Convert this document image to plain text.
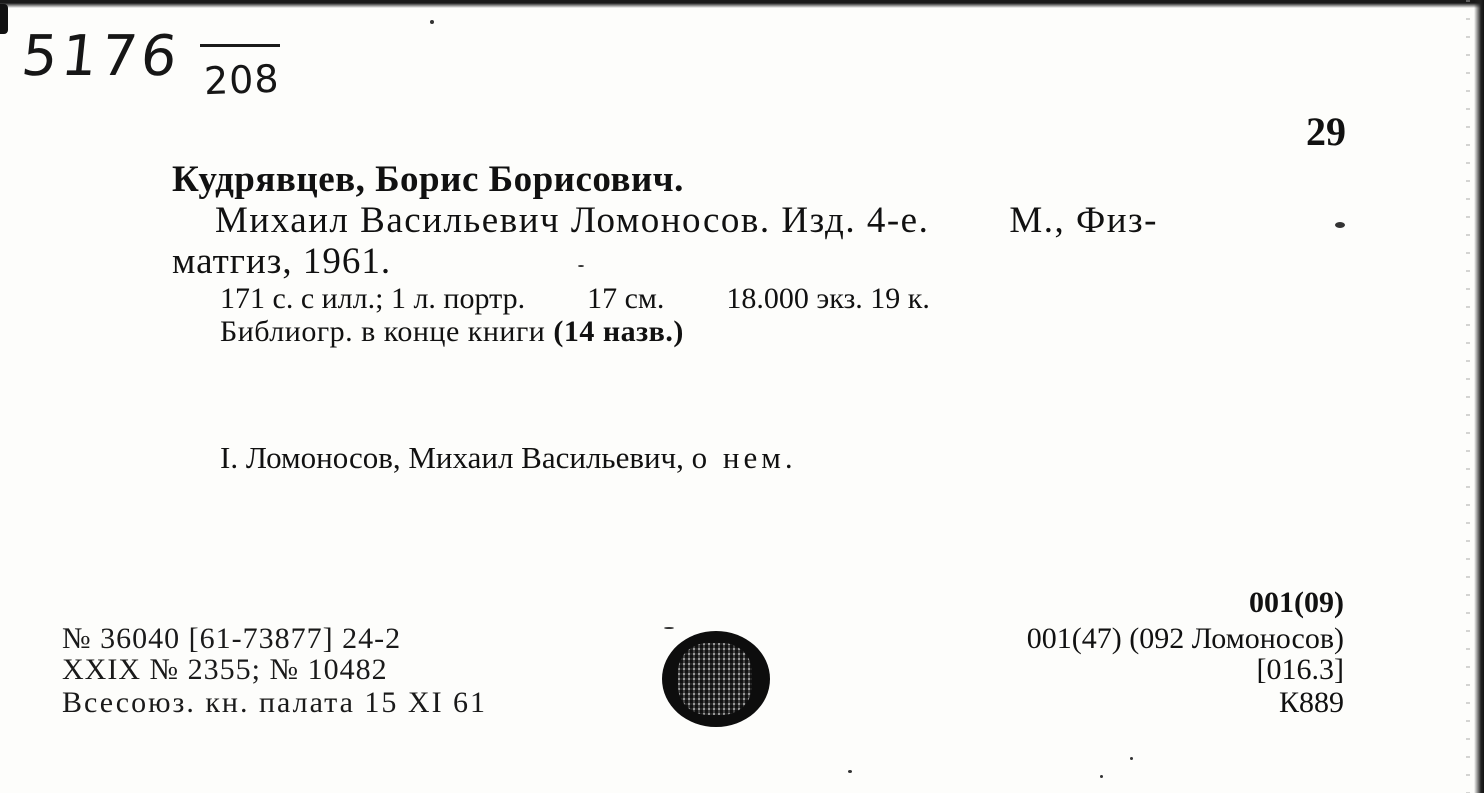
5176 208
29
Кудрявцев, Борис Борисович.
Михаил Васильевич Ломоносов. Изд. 4-е. М., Физ-
матгиз, 1961.
171 с. с илл.; 1 л. портр. 17 см. 18.000 экз. 19 к.
Библиогр. в конце книги (14 назв.)
I. Ломоносов, Михаил Васильевич, о нем.
№ 36040 [61-73877] 24-2
XXIX № 2355; № 10482
Всесоюз. кн. палата 15 XI 61
001(09)
001(47) (092 Ломоносов)
[016.3]
К889
